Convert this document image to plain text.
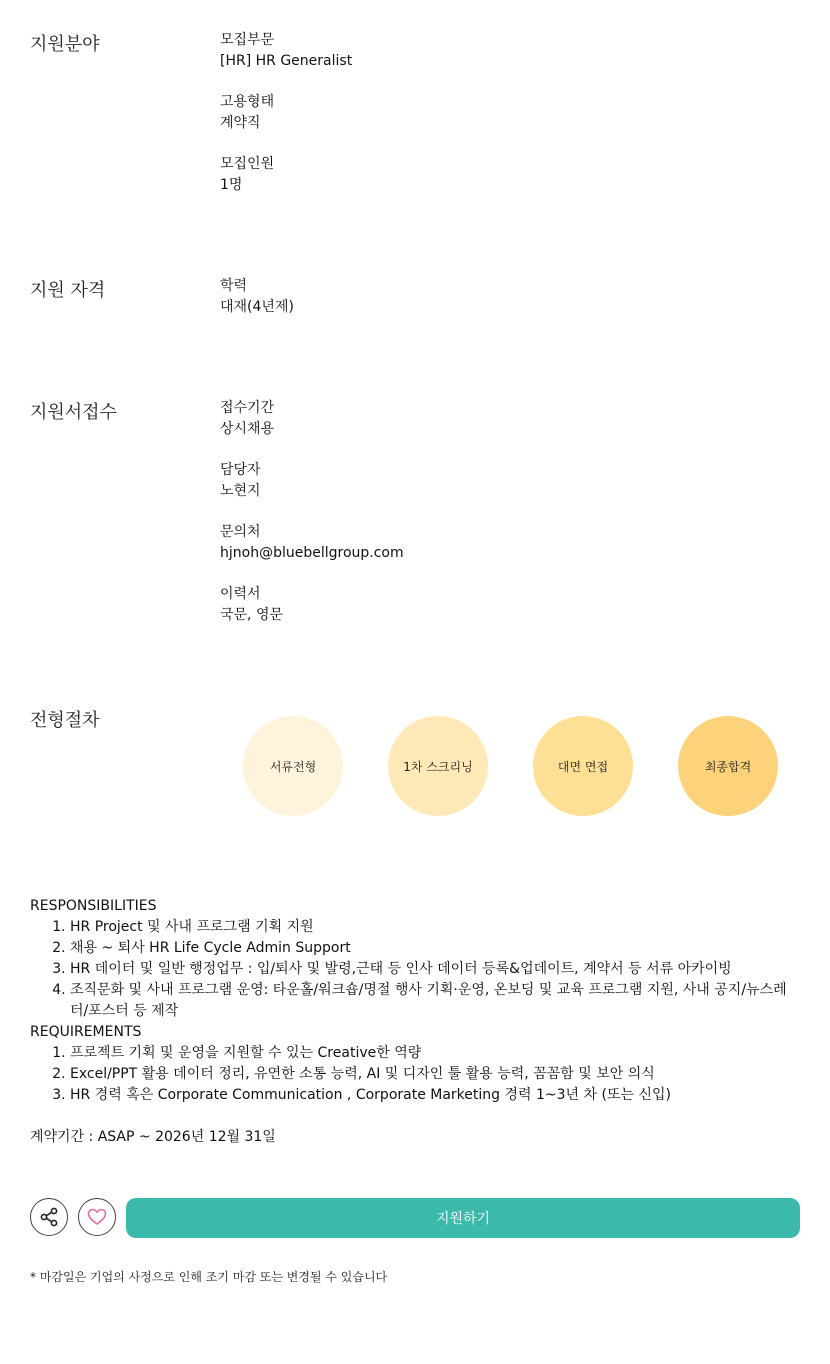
지원분야	모집부문
[HR] HR Generalist
고용형태
계약직
모집인원
1명
지원 자격	학력
대재(4년제)
지원서접수	접수기간
상시채용
담당자
노현지
문의처
hjnoh@bluebellgroup.com
이력서
국문, 영문
전형절차
서류전형	1차 스크리닝	대면 면접	최종합격
RESPONSIBILITIES
1. HR Project 및 사내 프로그램 기획 지원
2. 채용 ~ 퇴사 HR Life Cycle Admin Support
3. HR 데이터 및 일반 행정업무 : 입/퇴사 및 발령,근태 등 인사 데이터 등록&업데이트, 계약서 등 서류 아카이빙
4. 조직문화 및 사내 프로그램 운영: 타운홀/워크숍/명절 행사 기획·운영, 온보딩 및 교육 프로그램 지원, 사내 공지/뉴스레터/포스터 등 제작
REQUIREMENTS
1. 프로젝트 기획 및 운영을 지원할 수 있는 Creative한 역량
2. Excel/PPT 활용 데이터 정리, 유연한 소통 능력, AI 및 디자인 툴 활용 능력, 꼼꼼함 및 보안 의식
3. HR 경력 혹은 Corporate Communication , Corporate Marketing 경력 1~3년 차 (또는 신입)
계약기간 : ASAP ~ 2026년 12월 31일
지원하기
* 마감일은 기업의 사정으로 인해 조기 마감 또는 변경될 수 있습니다
